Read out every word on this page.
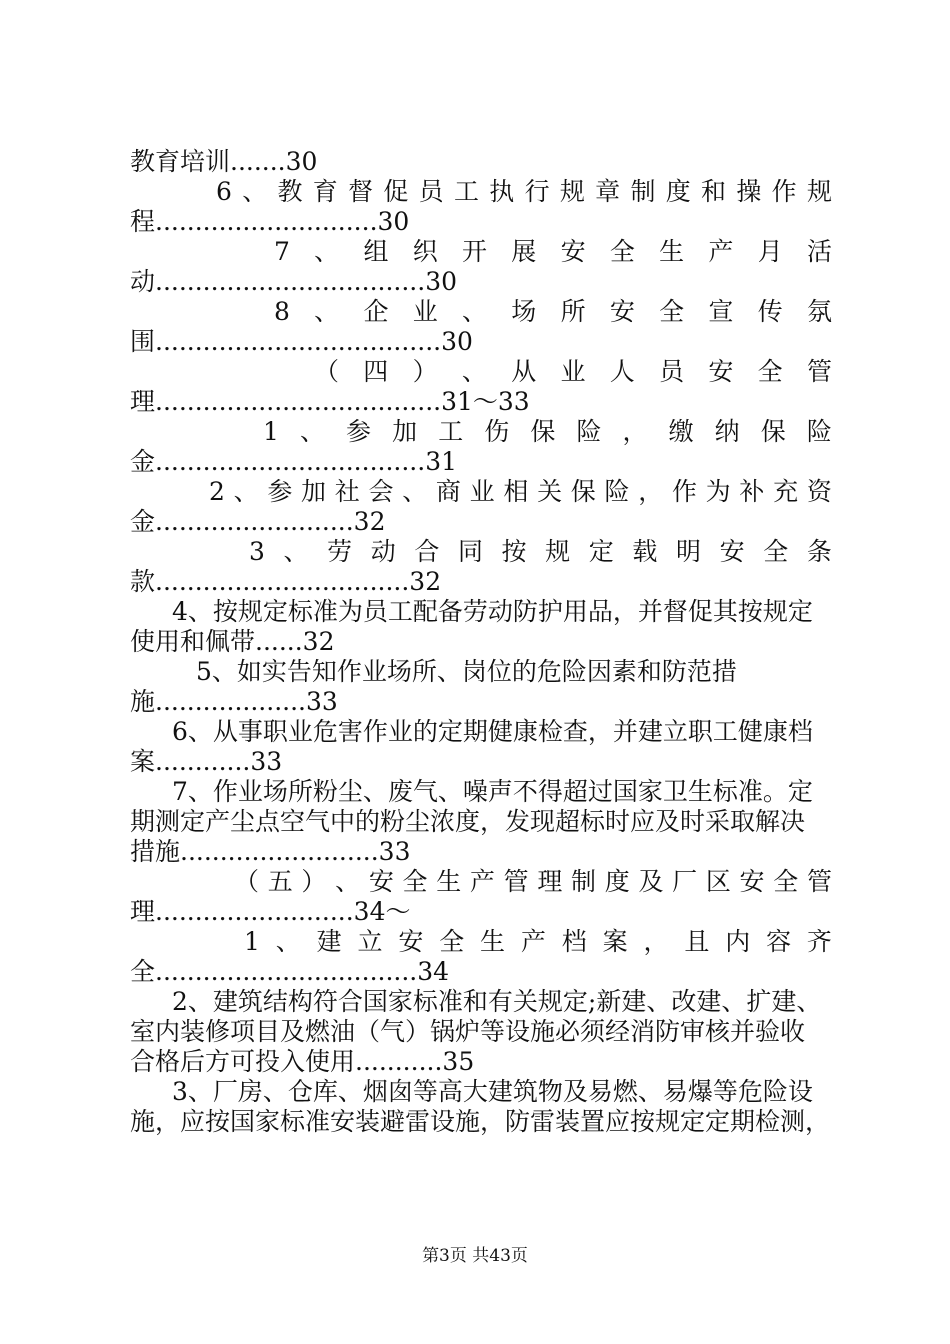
教育培训.......30
6 、 教 育 督 促 员 工 执 行 规 章 制 度 和 操 作 规
程............................30
7 、 组 织 开 展 安 全 生 产 月 活
动..................................30
8 、 企 业 、 场 所 安 全 宣 传 氛
围....................................30
（ 四 ） 、 从 业 人 员 安 全 管
理....................................31～33
1 、 参 加 工 伤 保 险 ， 缴 纳 保 险
金..................................31
2 、 参 加 社 会 、 商 业 相 关 保 险 ， 作 为 补 充 资
金.........................32
3 、 劳 动 合 同 按 规 定 载 明 安 全 条
款................................32
4、按规定标准为员工配备劳动防护用品，并督促其按规定
使用和佩带......32
5、如实告知作业场所、岗位的危险因素和防范措
施...................33
6、从事职业危害作业的定期健康检查，并建立职工健康档
案............33
7、作业场所粉尘、废气、噪声不得超过国家卫生标准。定
期测定产尘点空气中的粉尘浓度，发现超标时应及时采取解决
措施.........................33
（ 五 ） 、 安 全 生 产 管 理 制 度 及 厂 区 安 全 管
理.........................34～
1 、 建 立 安 全 生 产 档 案 ， 且 内 容 齐
全.................................34
2、建筑结构符合国家标准和有关规定;新建、改建、扩建、
室内装修项目及燃油（气）锅炉等设施必须经消防审核并验收
合格后方可投入使用...........35
3、厂房、仓库、烟囱等高大建筑物及易燃、易爆等危险设
施，应按国家标准安装避雷设施，防雷装置应按规定定期检测，
第3页 共43页
